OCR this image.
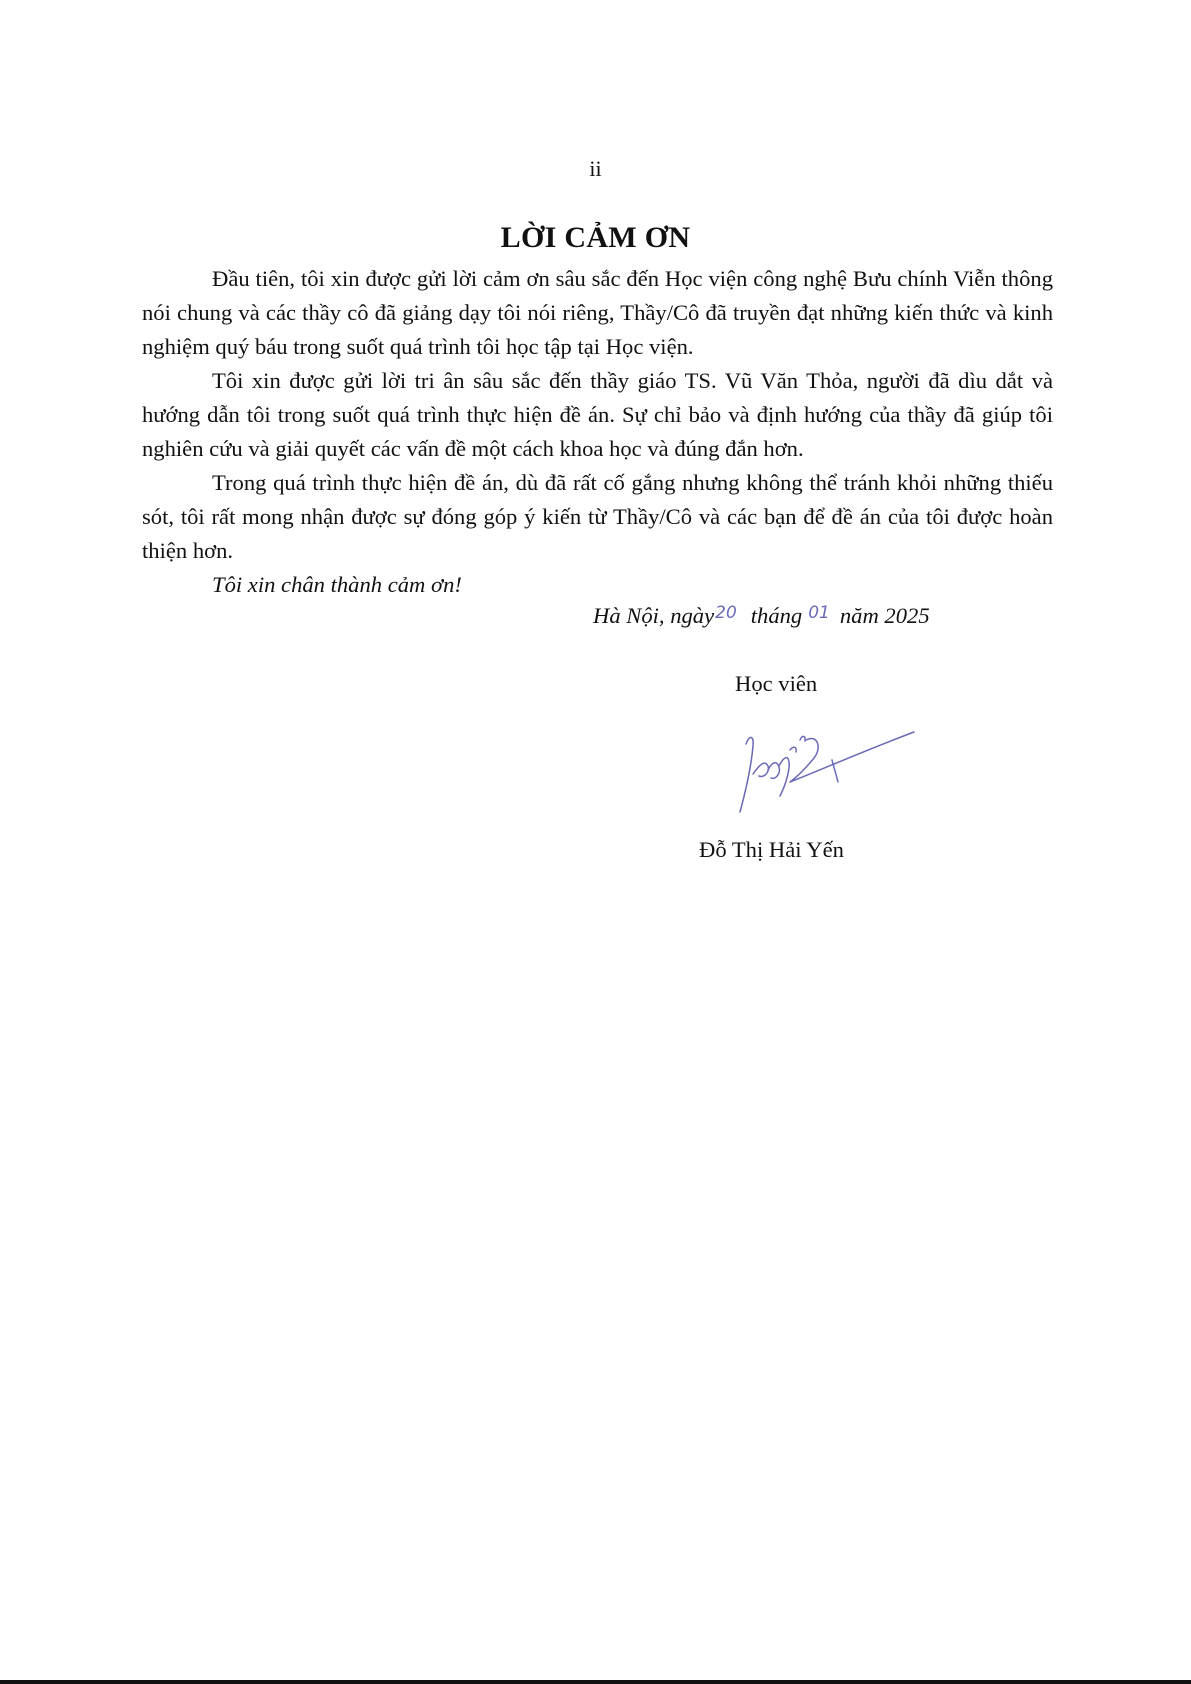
ii
LỜI CẢM ƠN

Đầu tiên, tôi xin được gửi lời cảm ơn sâu sắc đến Học viện công nghệ Bưu chính Viễn thông nói chung và các thầy cô đã giảng dạy tôi nói riêng, Thầy/Cô đã truyền đạt những kiến thức và kinh nghiệm quý báu trong suốt quá trình tôi học tập tại Học viện.

Tôi xin được gửi lời tri ân sâu sắc đến thầy giáo TS. Vũ Văn Thỏa, người đã dìu dắt và hướng dẫn tôi trong suốt quá trình thực hiện đề án. Sự chỉ bảo và định hướng của thầy đã giúp tôi nghiên cứu và giải quyết các vấn đề một cách khoa học và đúng đắn hơn.

Trong quá trình thực hiện đề án, dù đã rất cố gắng nhưng không thể tránh khỏi những thiếu sót, tôi rất mong nhận được sự đóng góp ý kiến từ Thầy/Cô và các bạn để đề án của tôi được hoàn thiện hơn.

Tôi xin chân thành cảm ơn!

Hà Nội, ngày$^{20}$ tháng $^{01}$ năm 2025
Học viên
Đỗ Thị Hải Yến
